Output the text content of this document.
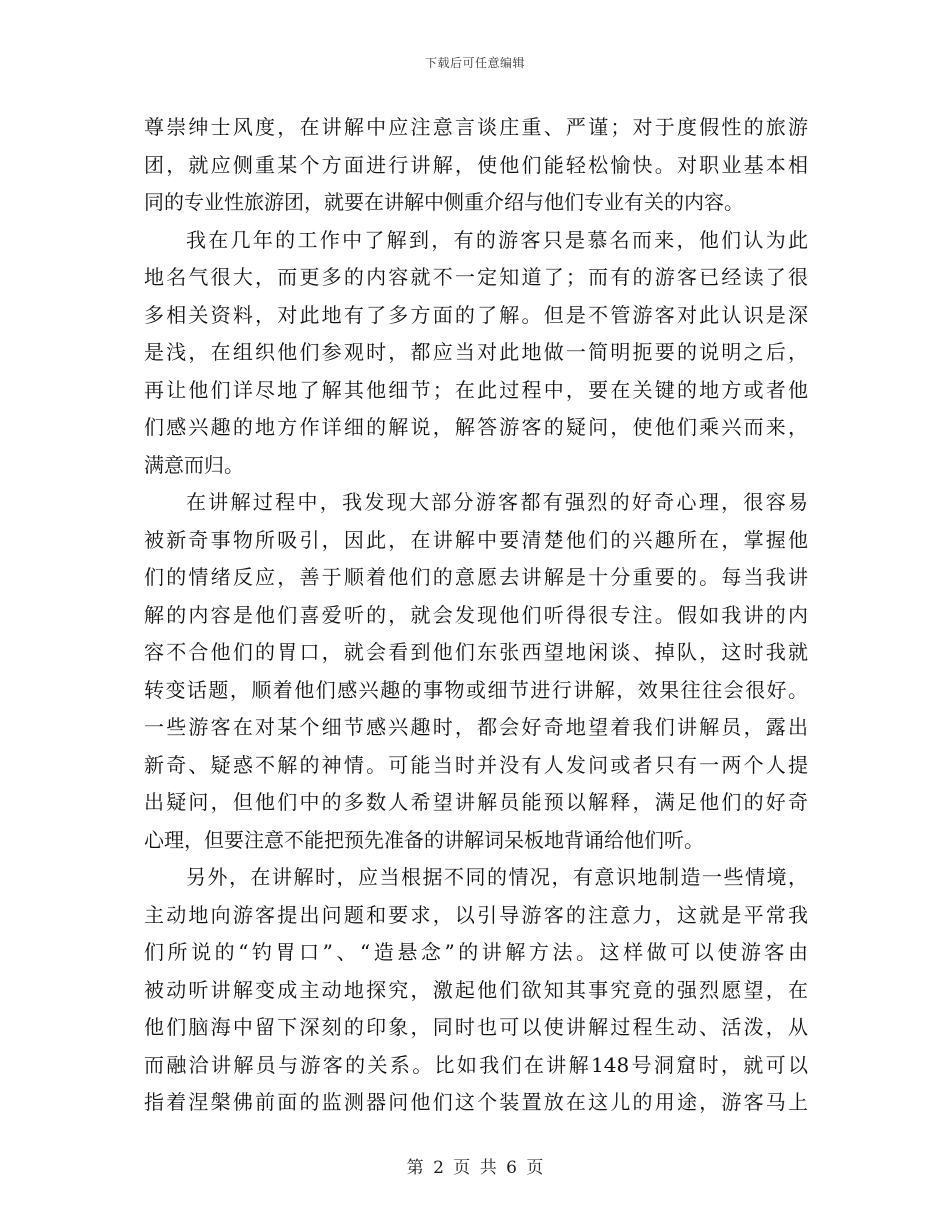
下载后可任意编辑
尊崇绅士风度，在讲解中应注意言谈庄重、严谨；对于度假性的旅游
团，就应侧重某个方面进行讲解，使他们能轻松愉快。对职业基本相
同的专业性旅游团，就要在讲解中侧重介绍与他们专业有关的内容。
我在几年的工作中了解到，有的游客只是慕名而来，他们认为此
地名气很大，而更多的内容就不一定知道了；而有的游客已经读了很
多相关资料，对此地有了多方面的了解。但是不管游客对此认识是深
是浅，在组织他们参观时，都应当对此地做一简明扼要的说明之后，
再让他们详尽地了解其他细节；在此过程中，要在关键的地方或者他
们感兴趣的地方作详细的解说，解答游客的疑问，使他们乘兴而来，
满意而归。
在讲解过程中，我发现大部分游客都有强烈的好奇心理，很容易
被新奇事物所吸引，因此，在讲解中要清楚他们的兴趣所在，掌握他
们的情绪反应，善于顺着他们的意愿去讲解是十分重要的。每当我讲
解的内容是他们喜爱听的，就会发现他们听得很专注。假如我讲的内
容不合他们的胃口，就会看到他们东张西望地闲谈、掉队，这时我就
转变话题，顺着他们感兴趣的事物或细节进行讲解，效果往往会很好。
一些游客在对某个细节感兴趣时，都会好奇地望着我们讲解员，露出
新奇、疑惑不解的神情。可能当时并没有人发问或者只有一两个人提
出疑问，但他们中的多数人希望讲解员能预以解释，满足他们的好奇
心理，但要注意不能把预先准备的讲解词呆板地背诵给他们听。
另外，在讲解时，应当根据不同的情况，有意识地制造一些情境，
主动地向游客提出问题和要求，以引导游客的注意力，这就是平常我
们所说的“钓胃口”、“造悬念”的讲解方法。这样做可以使游客由
被动听讲解变成主动地探究，激起他们欲知其事究竟的强烈愿望，在
他们脑海中留下深刻的印象，同时也可以使讲解过程生动、活泼，从
而融洽讲解员与游客的关系。比如我们在讲解148号洞窟时，就可以
指着涅槃佛前面的监测器问他们这个装置放在这儿的用途，游客马上
第 2 页 共 6 页
